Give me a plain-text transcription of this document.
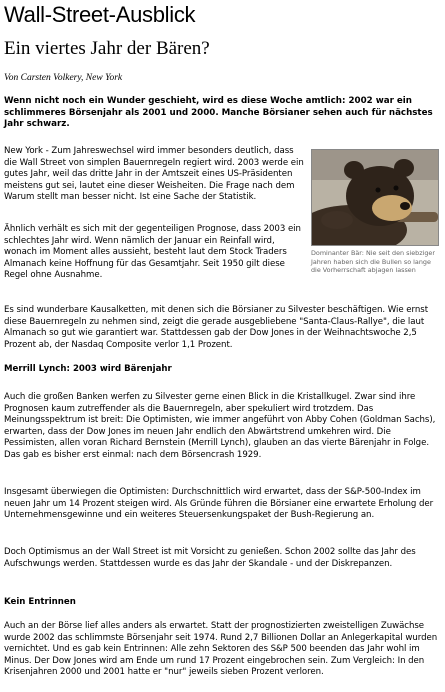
Wall-Street-Ausblick
Ein viertes Jahr der Bären?

Von Carsten Volkery, New York

Wenn nicht noch ein Wunder geschieht, wird es diese Woche amtlich: 2002 war ein schlimmeres Börsenjahr als 2001 und 2000. Manche Börsianer sehen auch für nächstes Jahr schwarz.

New York - Zum Jahreswechsel wird immer besonders deutlich, dass die Wall Street von simplen Bauernregeln regiert wird. 2003 werde ein gutes Jahr, weil das dritte Jahr in der Amtszeit eines US-Präsidenten meistens gut sei, lautet eine dieser Weisheiten. Die Frage nach dem Warum stellt man besser nicht. Ist eine Sache der Statistik.

Ähnlich verhält es sich mit der gegenteiligen Prognose, dass 2003 ein schlechtes Jahr wird. Wenn nämlich der Januar ein Reinfall wird, wonach im Moment alles aussieht, besteht laut dem Stock Traders Almanach keine Hoffnung für das Gesamtjahr. Seit 1950 gilt diese Regel ohne Ausnahme.

Dominanter Bär: Nie seit den siebziger Jahren haben sich die Bullen so lange die Vorherrschaft abjagen lassen

Es sind wunderbare Kausalketten, mit denen sich die Börsianer zu Silvester beschäftigen. Wie ernst diese Bauernregeln zu nehmen sind, zeigt die gerade ausgebliebene "Santa-Claus-Rallye", die laut Almanach so gut wie garantiert war. Stattdessen gab der Dow Jones in der Weihnachtswoche 2,5 Prozent ab, der Nasdaq Composite verlor 1,1 Prozent.

Merrill Lynch: 2003 wird Bärenjahr

Auch die großen Banken werfen zu Silvester gerne einen Blick in die Kristallkugel. Zwar sind ihre Prognosen kaum zutreffender als die Bauernregeln, aber spekuliert wird trotzdem. Das Meinungsspektrum ist breit: Die Optimisten, wie immer angeführt von Abby Cohen (Goldman Sachs), erwarten, dass der Dow Jones im neuen Jahr endlich den Abwärtstrend umkehren wird. Die Pessimisten, allen voran Richard Bernstein (Merrill Lynch), glauben an das vierte Bärenjahr in Folge. Das gab es bisher erst einmal: nach dem Börsencrash 1929.

Insgesamt überwiegen die Optimisten: Durchschnittlich wird erwartet, dass der S&P-500-Index im neuen Jahr um 14 Prozent steigen wird. Als Gründe führen die Börsianer eine erwartete Erholung der Unternehmensgewinne und ein weiteres Steuersenkungspaket der Bush-Regierung an.

Doch Optimismus an der Wall Street ist mit Vorsicht zu genießen. Schon 2002 sollte das Jahr des Aufschwungs werden. Stattdessen wurde es das Jahr der Skandale - und der Diskrepanzen.

Kein Entrinnen

Auch an der Börse lief alles anders als erwartet. Statt der prognostizierten zweistelligen Zuwächse wurde 2002 das schlimmste Börsenjahr seit 1974. Rund 2,7 Billionen Dollar an Anlegerkapital wurden vernichtet. Und es gab kein Entrinnen: Alle zehn Sektoren des S&P 500 beenden das Jahr wohl im Minus. Der Dow Jones wird am Ende um rund 17 Prozent eingebrochen sein. Zum Vergleich: In den Krisenjahren 2000 und 2001 hatte er "nur" jeweils sieben Prozent verloren.
